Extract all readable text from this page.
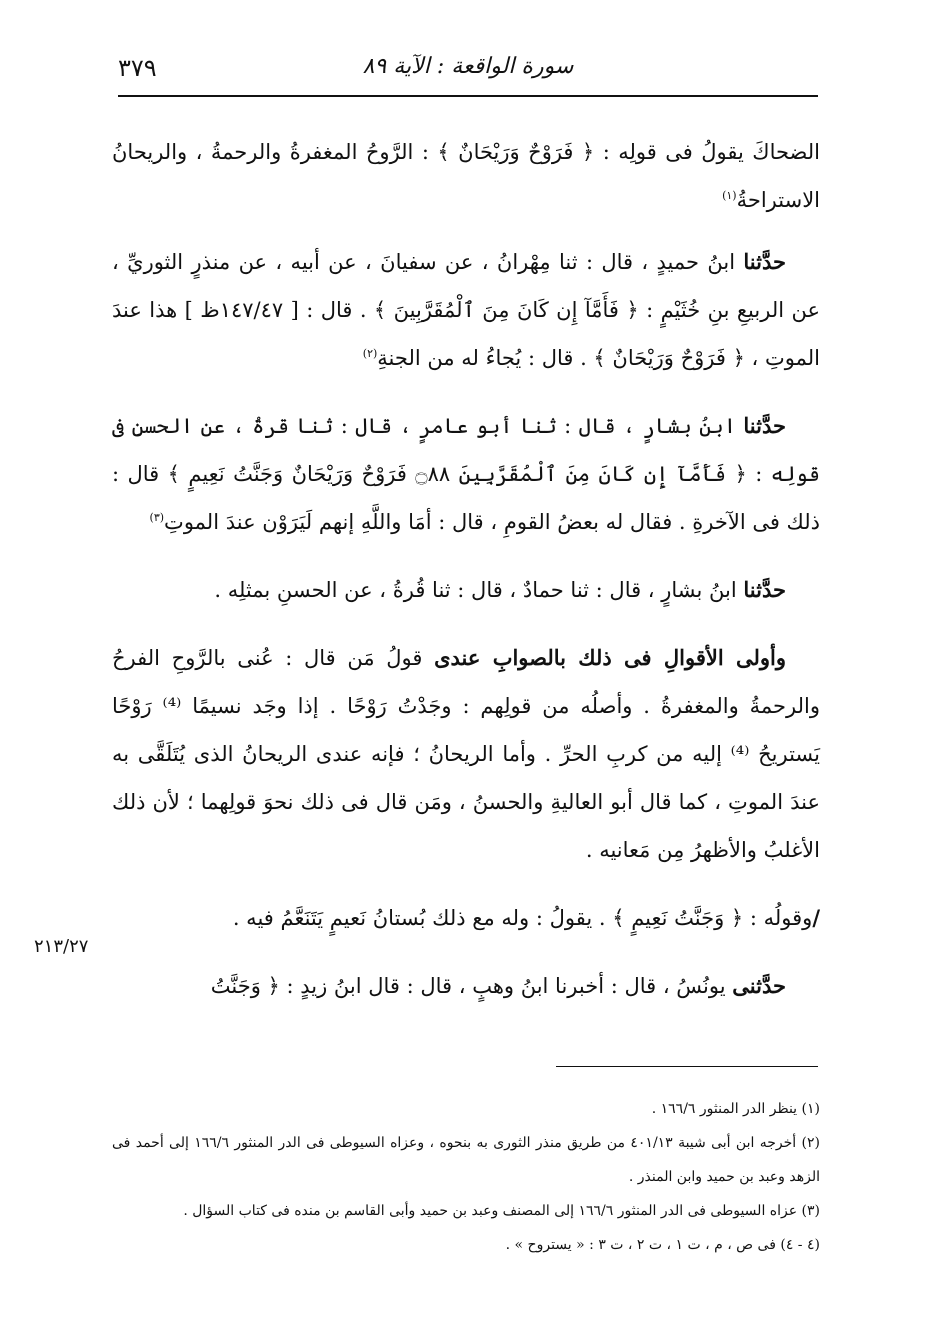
سورة الواقعة : الآية ٨٩
٣٧٩
٢١٣/٢٧

الضحاكَ يقولُ فى قولِه : ﴿ فَرَوْحٌ وَرَيْحَانٌ ﴾ : الرَّوحُ المغفرةُ والرحمةُ ، والريحانُ الاستراحةُ$^{(١)}$

حدَّثنا ابنُ حميدٍ ، قال : ثنا مِهْرانُ ، عن سفيانَ ، عن أبيه ، عن منذرٍ الثوريِّ ، عن الربيعِ بنِ خُثَيْمٍ : ﴿ فَأَمَّآ إِن كَانَ مِنَ ٱلْمُقَرَّبِينَ ﴾ . قال : [ ١٤٧/٤٧ظ ] هذا عندَ الموتِ ، ﴿ فَرَوْحٌ وَرَيْحَانٌ ﴾ . قال : يُجاءُ له من الجنةِ$^{(٢)}$

حدَّثنا ابنُ بشارٍ ، قال : ثنا أبو عامرٍ ، قال : ثنا قرةُ ، عن الحسنِ فى قولِه : ﴿ فَأَمَّآ إِن كَانَ مِنَ ٱلْمُقَرَّبِينَ ۝٨٨ فَرَوْحٌ وَرَيْحَانٌ وَجَنَّتُ نَعِيمٍ ﴾ قال : ذلك فى الآخرةِ . فقال له بعضُ القومِ ، قال : أمَا واللَّهِ إنهم لَيَرَوْن عندَ الموتِ$^{(٣)}$

حدَّثنا ابنُ بشارٍ ، قال : ثنا حمادٌ ، قال : ثنا قُرةُ ، عن الحسنِ بمثلِه .

وأولى الأقوالِ فى ذلك بالصوابِ عندى قولُ مَن قال : عُنى بالرَّوحِ الفرحُ والرحمةُ والمغفرةُ . وأصلُه من قولِهم : وجَدْتُ رَوْحًا . إذا وجَد نسيمًا ⁽⁴⁾ رَوْحًا يَستريحُ ⁽⁴⁾ إليه من كربِ الحرِّ . وأما الريحانُ ؛ فإنه عندى الريحانُ الذى يُتَلَقَّى به عندَ الموتِ ، كما قال أبو العاليةِ والحسنُ ، ومَن قال فى ذلك نحوَ قولِهما ؛ لأن ذلك الأغلبُ والأظهرُ مِن مَعانيه .

/وقولُه : ﴿ وَجَنَّتُ نَعِيمٍ ﴾ . يقولُ : وله مع ذلك بُستانُ نَعيمٍ يَتَنَعَّمُ فيه .

حدَّثنى يونُسُ ، قال : أخبرنا ابنُ وهبٍ ، قال : قال ابنُ زيدٍ : ﴿ وَجَنَّتُ

(١) ينظر الدر المنثور ١٦٦/٦ .

(٢) أخرجه ابن أبى شيبة ٤٠١/١٣ من طريق منذر الثورى به بنحوه ، وعزاه السيوطى فى الدر المنثور ١٦٦/٦ إلى أحمد فى الزهد وعبد بن حميد وابن المنذر .

(٣) عزاه السيوطى فى الدر المنثور ١٦٦/٦ إلى المصنف وعبد بن حميد وأبى القاسم بن منده فى كتاب السؤال .

(٤ - ٤) فى ص ، م ، ت ١ ، ت ٢ ، ت ٣ : « يستروح » .
